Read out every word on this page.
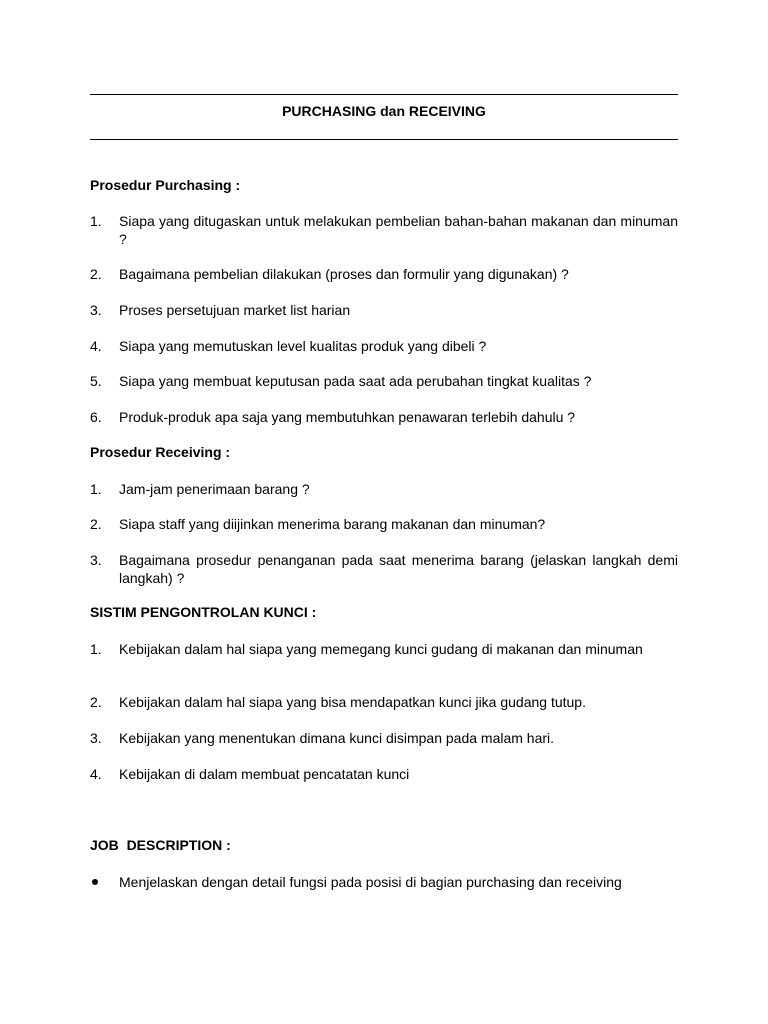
PURCHASING dan RECEIVING
Prosedur Purchasing :
1.	Siapa yang ditugaskan untuk melakukan pembelian bahan-bahan makanan dan minuman ?
2.	Bagaimana pembelian dilakukan (proses dan formulir yang digunakan) ?
3.	Proses persetujuan market list harian
4.	Siapa yang memutuskan level kualitas produk yang dibeli ?
5.	Siapa yang membuat keputusan pada saat ada perubahan tingkat kualitas ?
6.	Produk-produk apa saja yang membutuhkan penawaran terlebih dahulu ?
Prosedur Receiving :
1.	Jam-jam penerimaan barang ?
2.	Siapa staff yang diijinkan menerima barang makanan dan minuman?
3.	Bagaimana prosedur penanganan pada saat menerima barang (jelaskan langkah demi langkah) ?
SISTIM PENGONTROLAN KUNCI :
1.	Kebijakan dalam hal siapa yang memegang kunci gudang di makanan dan minuman
2.	Kebijakan dalam hal siapa yang bisa mendapatkan kunci jika gudang tutup.
3.	Kebijakan yang menentukan dimana kunci disimpan pada malam hari.
4.	Kebijakan di dalam membuat pencatatan kunci
JOB  DESCRIPTION :
Menjelaskan dengan detail fungsi pada posisi di bagian purchasing dan receiving
